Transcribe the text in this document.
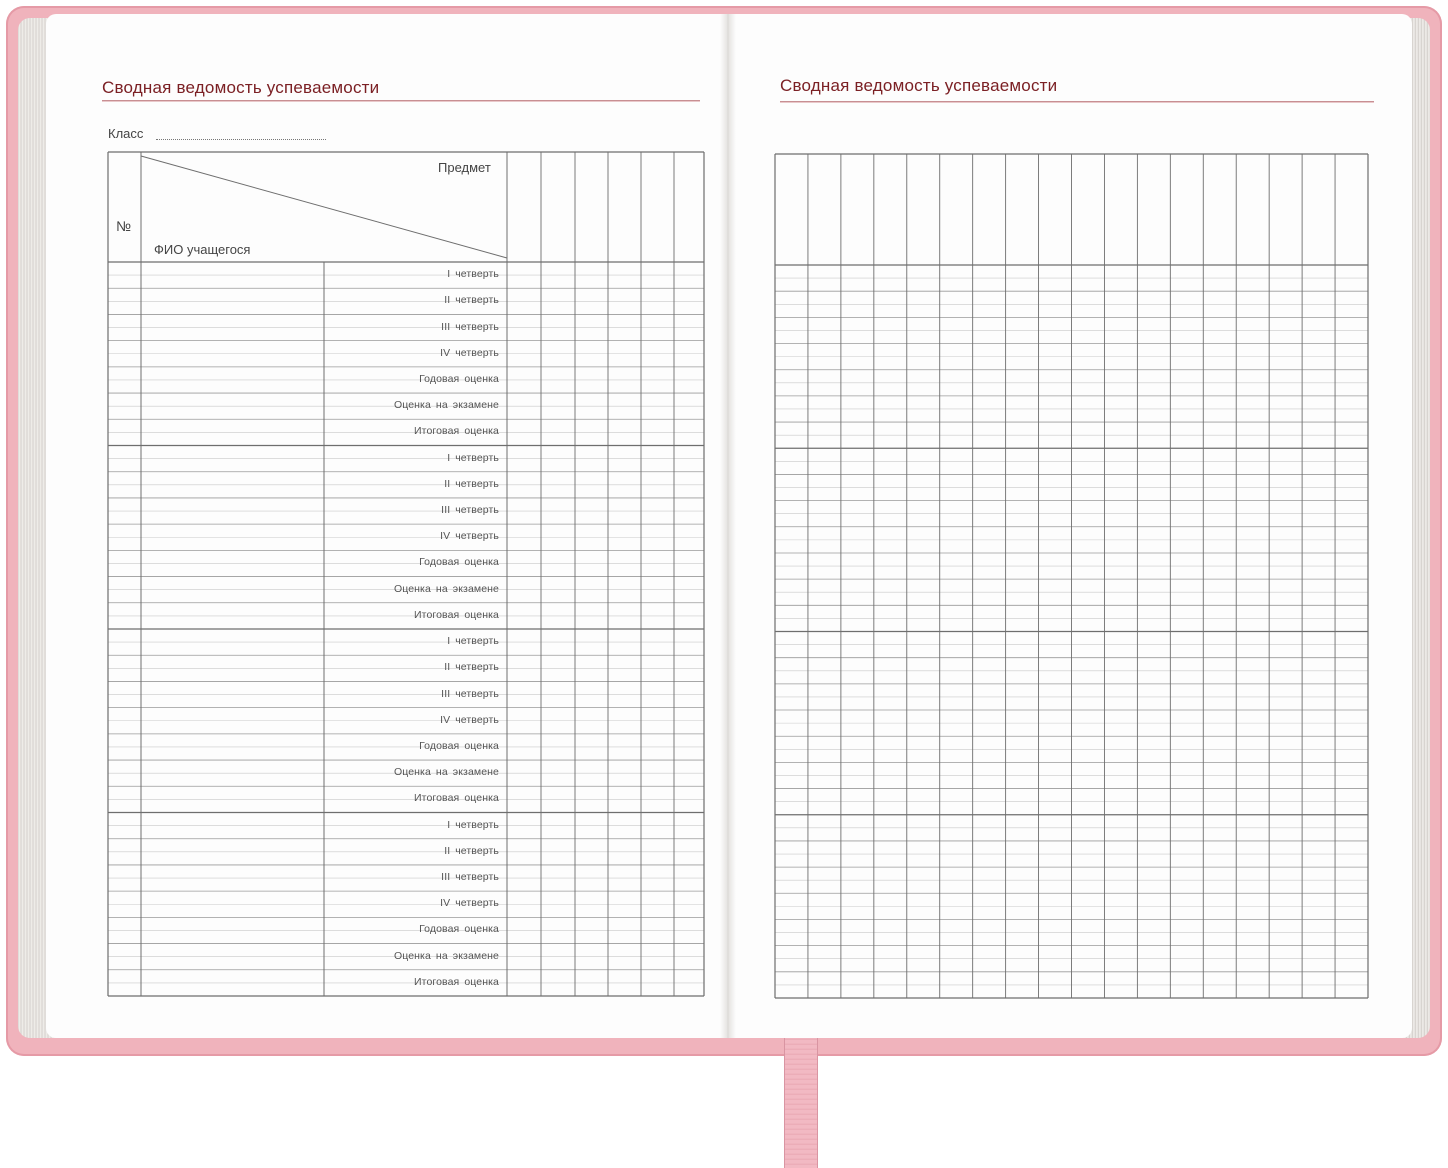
Сводная ведомость успеваемости
Класс
Сводная ведомость успеваемости
Предмет
№
ФИО учащегося
I четверть
II четверть
III четверть
IV четверть
Годовая оценка
Оценка на экзамене
Итоговая оценка
I четверть
II четверть
III четверть
IV четверть
Годовая оценка
Оценка на экзамене
Итоговая оценка
I четверть
II четверть
III четверть
IV четверть
Годовая оценка
Оценка на экзамене
Итоговая оценка
I четверть
II четверть
III четверть
IV четверть
Годовая оценка
Оценка на экзамене
Итоговая оценка
